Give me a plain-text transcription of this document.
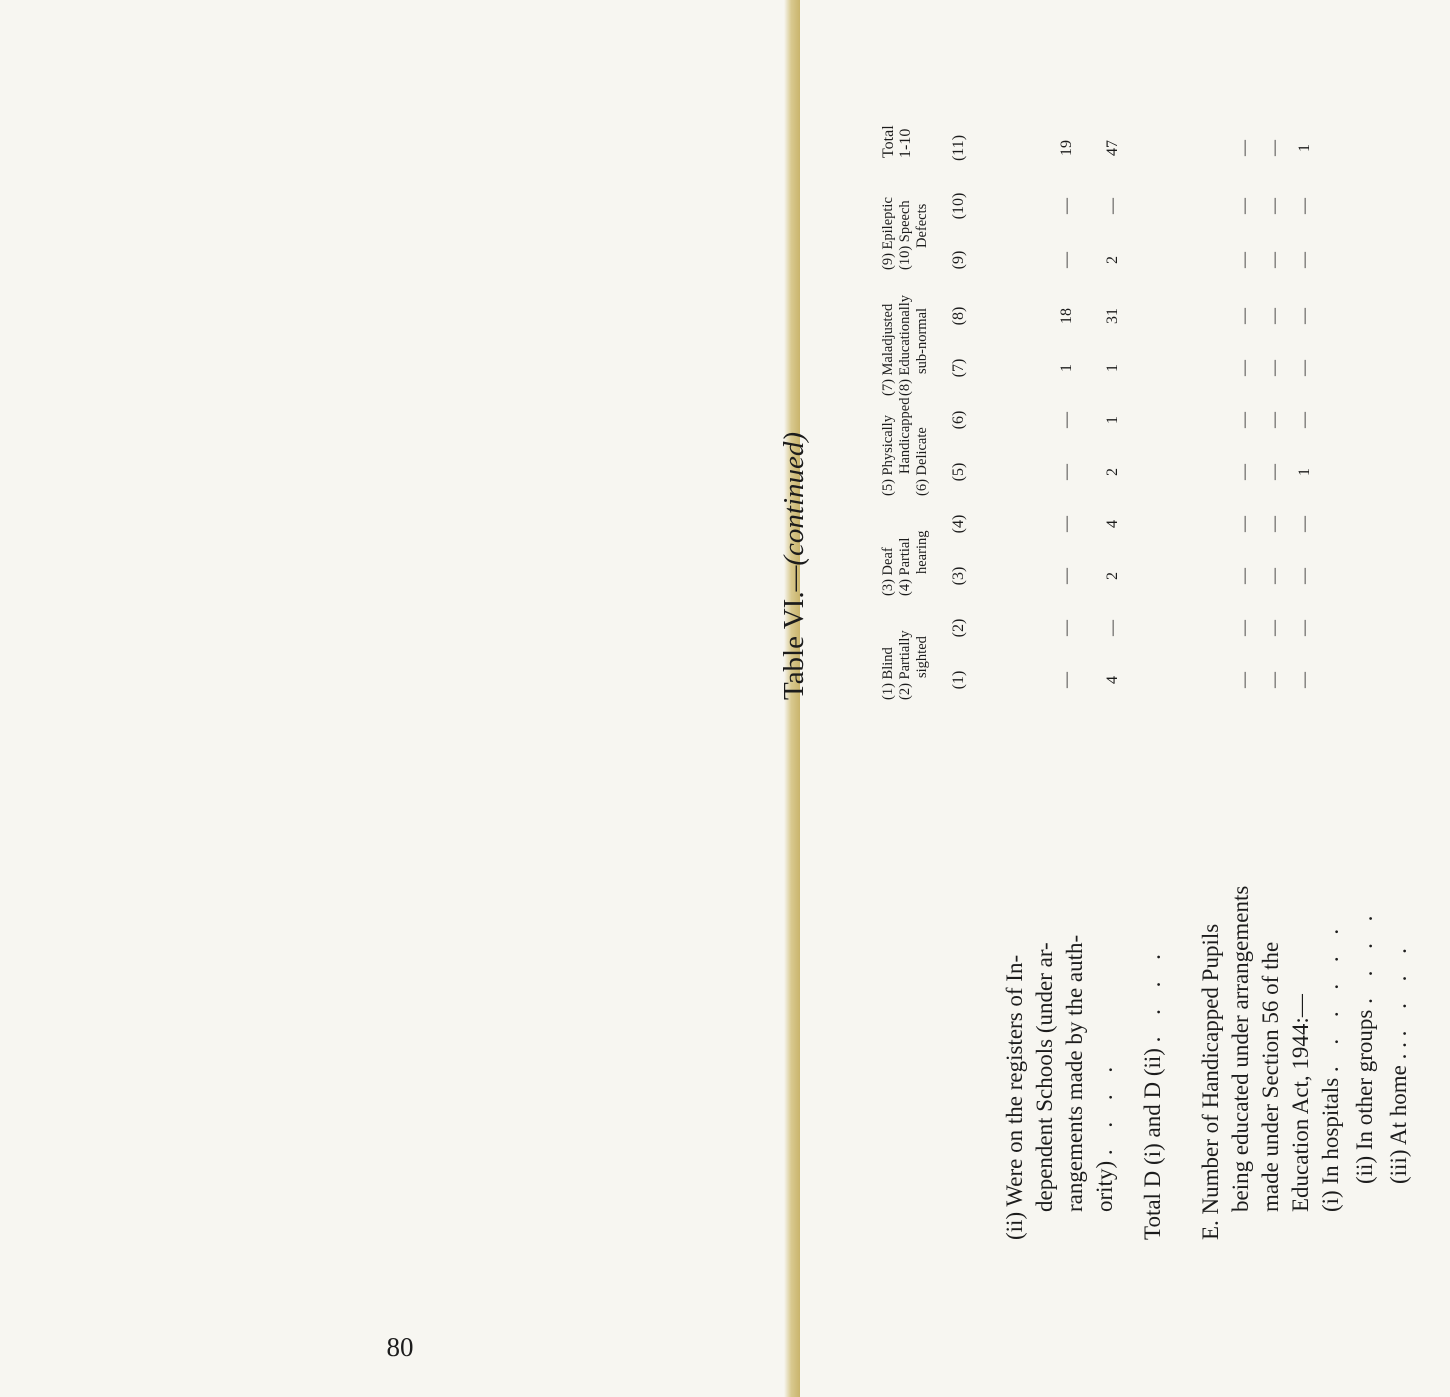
Table VI.—(continued)
(1) Blind (2) Partially sighted
(3) Deaf (4) Partial hearing
(5) Physically Handicapped (6) Delicate
(7) Maladjusted (8) Educationally sub-normal
(9) Epileptic (10) Speech Defects
Total 1-10
(1)
(2)
(3)
(4)
(5)
(6)
(7)
(8)
(9)
(10)
(11)
(ii) Were on the registers of In- dependent Schools (under ar- rangements made by the auth- ority) . . . .
—
—
—
—
—
—
1
18
—
—
19
Total D (i) and D (ii) . . . .
4
—
2
4
2
1
1
31
2
—
47
E. Number of Handicapped Pupils being educated under arrangements made under Section 56 of the Education Act, 1944:— (i) In hospitals . . . . . .
—
—
—
—
—
—
—
—
—
—
—
(ii) In other groups . . . .
—
—
—
—
—
—
—
—
—
—
—
(iii) At home . . . . . .
—
—
—
—
1
—
—
—
—
—
1
80
